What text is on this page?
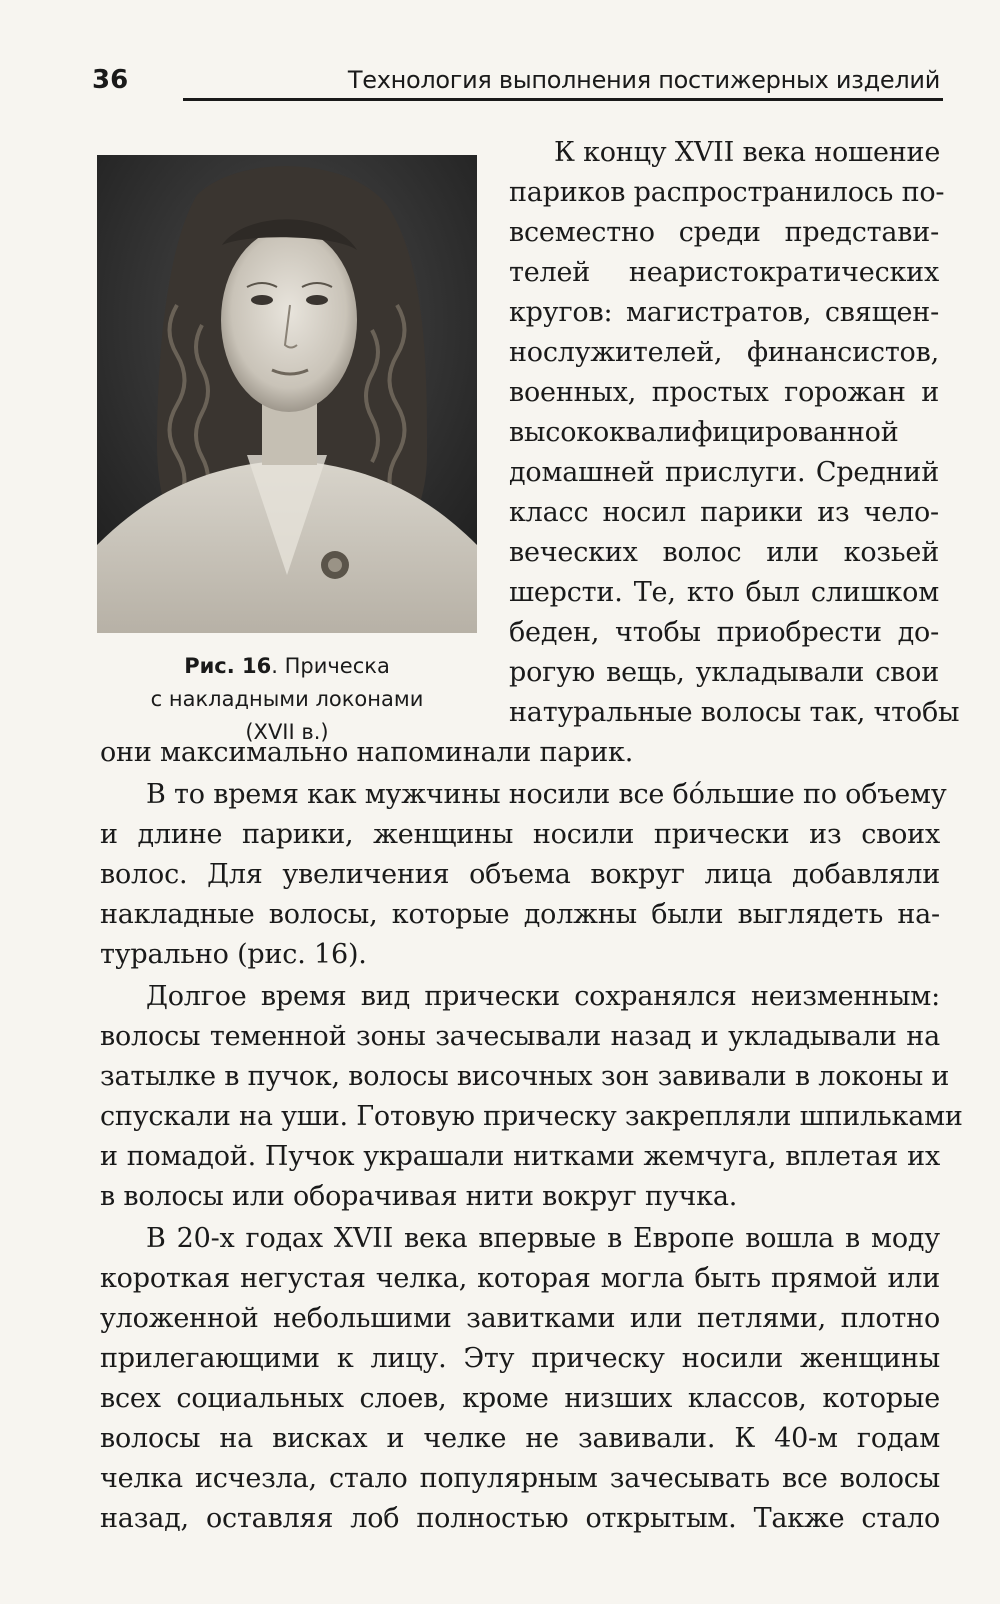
36	Технология выполнения постижерных изделий
Рис. 16. Прическа
с накладными локонами
(XVII в.)
К концу XVII века ношение
париков распространилось по-
всеместно среди представи-
телей неаристократических
кругов: магистратов, священ-
нослужителей, финансистов,
военных, простых горожан и
высококвалифицированной
домашней прислуги. Средний
класс носил парики из чело-
веческих волос или козьей
шерсти. Те, кто был слишком
беден, чтобы приобрести до-
рогую вещь, укладывали свои
натуральные волосы так, чтобы
они максимально напоминали парик.
В то время как мужчины носили все бóльшие по объему
и длине парики, женщины носили прически из своих
волос. Для увеличения объема вокруг лица добавляли
накладные волосы, которые должны были выглядеть на-
турально (рис. 16).
Долгое время вид прически сохранялся неизменным:
волосы теменной зоны зачесывали назад и укладывали на
затылке в пучок, волосы височных зон завивали в локоны и
спускали на уши. Готовую прическу закрепляли шпильками
и помадой. Пучок украшали нитками жемчуга, вплетая их
в волосы или оборачивая нити вокруг пучка.
В 20-х годах XVII века впервые в Европе вошла в моду
короткая негустая челка, которая могла быть прямой или
уложенной небольшими завитками или петлями, плотно
прилегающими к лицу. Эту прическу носили женщины
всех социальных слоев, кроме низших классов, которые
волосы на висках и челке не завивали. К 40-м годам
челка исчезла, стало популярным зачесывать все волосы
назад, оставляя лоб полностью открытым. Также стало
